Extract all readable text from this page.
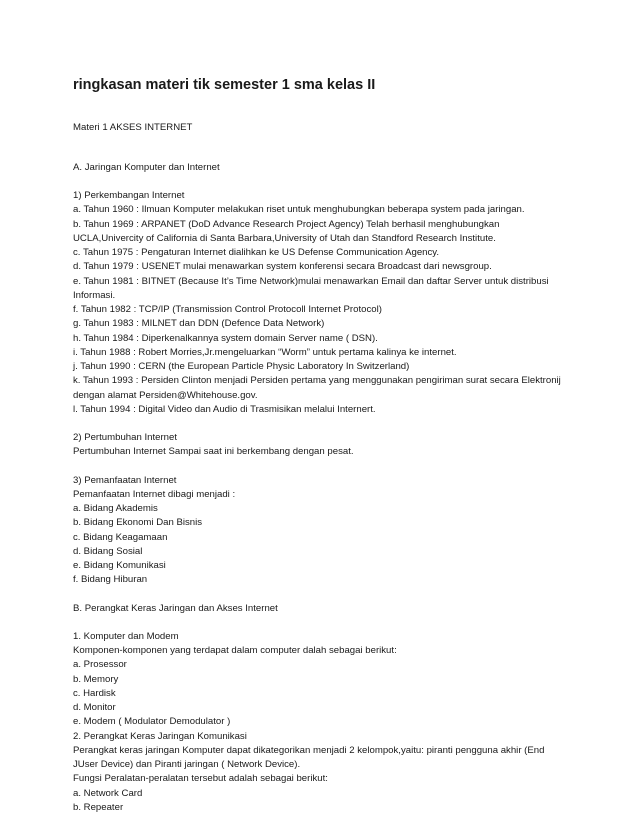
ringkasan materi tik semester 1 sma kelas II
Materi 1 AKSES INTERNET
A. Jaringan Komputer dan Internet
1) Perkembangan Internet
a. Tahun 1960 : Ilmuan Komputer melakukan riset untuk menghubungkan beberapa system pada jaringan.
b. Tahun 1969 : ARPANET (DoD Advance Research Project Agency) Telah berhasil menghubungkan
UCLA,Univercity of California di Santa Barbara,University of Utah dan Standford Research Institute.
c. Tahun 1975 : Pengaturan Internet dialihkan ke US Defense Communication Agency.
d. Tahun 1979 : USENET mulai menawarkan system konferensi secara Broadcast dari newsgroup.
e. Tahun 1981 : BITNET (Because It’s Time Network)mulai menawarkan Email dan daftar Server untuk distribusi
Informasi.
f. Tahun 1982 : TCP/IP (Transmission Control Protocoll Internet Protocol)
g. Tahun 1983 : MILNET dan DDN (Defence Data Network)
h. Tahun 1984 : Diperkenalkannya system domain Server name ( DSN).
i. Tahun 1988 : Robert Morries,Jr.mengeluarkan “Worm” untuk pertama kalinya ke internet.
j. Tahun 1990 : CERN (the European Particle Physic Laboratory In Switzerland)
k. Tahun 1993 : Persiden Clinton menjadi Persiden pertama yang menggunakan pengiriman surat secara Elektronij
dengan alamat Persiden@Whitehouse.gov.
l. Tahun 1994 : Digital Video dan Audio di Trasmisikan melalui Internert.
2) Pertumbuhan Internet
Pertumbuhan Internet Sampai saat ini berkembang dengan pesat.
3) Pemanfaatan Internet
Pemanfaatan Internet dibagi menjadi :
a. Bidang Akademis
b. Bidang Ekonomi Dan Bisnis
c. Bidang Keagamaan
d. Bidang Sosial
e. Bidang Komunikasi
f. Bidang Hiburan
B. Perangkat Keras Jaringan dan Akses Internet
1. Komputer dan Modem
Komponen-komponen yang terdapat dalam computer dalah sebagai berikut:
a. Prosessor
b. Memory
c. Hardisk
d. Monitor
e. Modem ( Modulator Demodulator )
2. Perangkat Keras Jaringan Komunikasi
Perangkat keras jaringan Komputer dapat dikategorikan menjadi 2 kelompok,yaitu: piranti pengguna akhir (End
JUser Device) dan Piranti jaringan ( Network Device).
Fungsi Peralatan-peralatan tersebut adalah sebagai berikut:
a. Network Card
b. Repeater
